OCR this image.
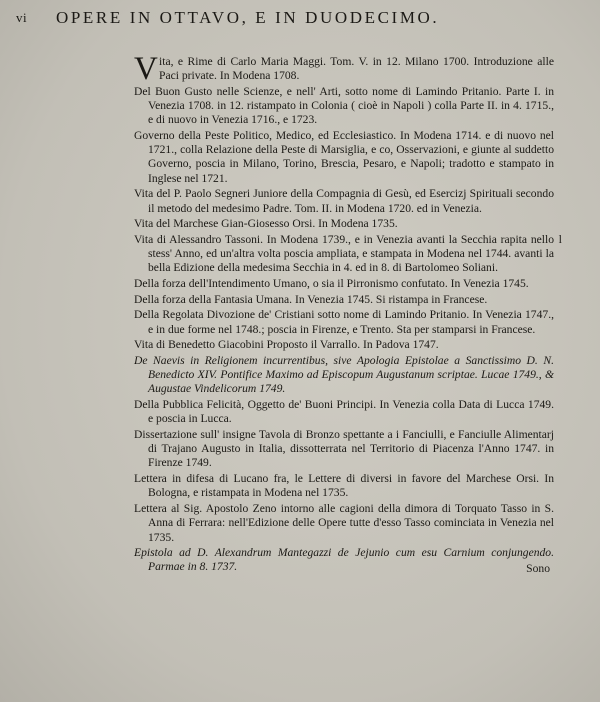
vi OPERE IN OTTAVO, E IN DUODECIMO.
l

V ita, e Rime di Carlo Maria Maggi. Tom. V. in 12. Milano 1700. Introduzione alle Paci private. In Modena 1708.

Del Buon Gusto nelle Scienze, e nell' Arti, sotto nome di Lamindo Pritanio. Parte I. in Venezia 1708. in 12. ristampato in Colonia ( cioè in Napoli ) colla Parte II. in 4. 1715., e di nuovo in Venezia 1716., e 1723.

Governo della Peste Politico, Medico, ed Ecclesiastico. In Modena 1714. e di nuovo nel 1721., colla Relazione della Peste di Marsiglia, e co, Osservazioni, e giunte al suddetto Governo, poscia in Milano, Torino, Brescia, Pesaro, e Napoli; tradotto e stampato in Inglese nel 1721.

Vita del P. Paolo Segneri Juniore della Compagnia di Gesù, ed Esercizj Spirituali secondo il metodo del medesimo Padre. Tom. II. in Modena 1720. ed in Venezia.

Vita del Marchese Gian-Giosesso Orsi. In Modena 1735.

Vita di Alessandro Tassoni. In Modena 1739., e in Venezia avanti la Secchia rapita nello stess' Anno, ed un'altra volta poscia ampliata, e stampata in Modena nel 1744. avanti la bella Edizione della medesima Secchia in 4. ed in 8. di Bartolomeo Soliani.

Della forza dell'Intendimento Umano, o sia il Pirronismo confutato. In Venezia 1745.

Della forza della Fantasia Umana. In Venezia 1745. Si ristampa in Francese.

Della Regolata Divozione de' Cristiani sotto nome di Lamindo Pritanio. In Venezia 1747., e in due forme nel 1748.; poscia in Firenze, e Trento. Sta per stamparsi in Francese.

Vita di Benedetto Giacobini Proposto il Varrallo. In Padova 1747.

De Naevis in Religionem incurrentibus, sive Apologia Epistolae a Sanctissimo D. N. Benedicto XIV. Pontifice Maximo ad Episcopum Augustanum scriptae. Lucae 1749., & Augustae Vindelicorum 1749.

Della Pubblica Felicità, Oggetto de' Buoni Principi. In Venezia colla Data di Lucca 1749. e poscia in Lucca.

Dissertazione sull' insigne Tavola di Bronzo spettante a i Fanciulli, e Fanciulle Alimentarj di Trajano Augusto in Italia, dissotterrata nel Territorio di Piacenza l'Anno 1747. in Firenze 1749.

Lettera in difesa di Lucano fra, le Lettere di diversi in favore del Marchese Orsi. In Bologna, e ristampata in Modena nel 1735.

Lettera al Sig. Apostolo Zeno intorno alle cagioni della dimora di Torquato Tasso in S. Anna di Ferrara: nell'Edizione delle Opere tutte d'esso Tasso cominciata in Venezia nel 1735.

Epistola ad D. Alexandrum Mantegazzi de Jejunio cum esu Carnium conjungendo. Parmae in 8. 1737.	Sono
